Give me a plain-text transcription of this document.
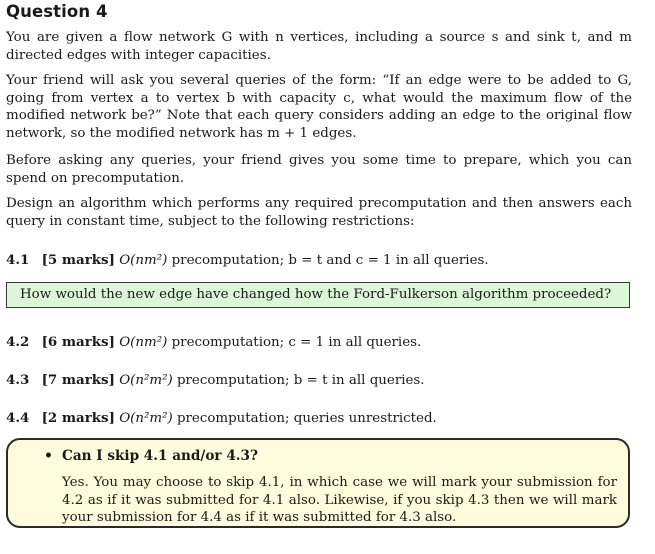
Question 4

You are given a flow network G with n vertices, including a source s and sink t, and m directed edges with integer capacities.

Your friend will ask you several queries of the form: “If an edge were to be added to G, going from vertex a to vertex b with capacity c, what would the maximum flow of the modified network be?” Note that each query considers adding an edge to the original flow network, so the modified network has m + 1 edges.

Before asking any queries, your friend gives you some time to prepare, which you can spend on precomputation.

Design an algorithm which performs any required precomputation and then answers each query in constant time, subject to the following restrictions:

4.1 [5 marks] O(nm²) precomputation; b = t and c = 1 in all queries.
How would the new edge have changed how the Ford-Fulkerson algorithm proceeded?
4.2 [6 marks] O(nm²) precomputation; c = 1 in all queries.
4.3 [7 marks] O(n²m²) precomputation; b = t in all queries.
4.4 [2 marks] O(n²m²) precomputation; queries unrestricted.
• Can I skip 4.1 and/or 4.3?

Yes. You may choose to skip 4.1, in which case we will mark your submission for 4.2 as if it was submitted for 4.1 also. Likewise, if you skip 4.3 then we will mark your submission for 4.4 as if it was submitted for 4.3 also.
